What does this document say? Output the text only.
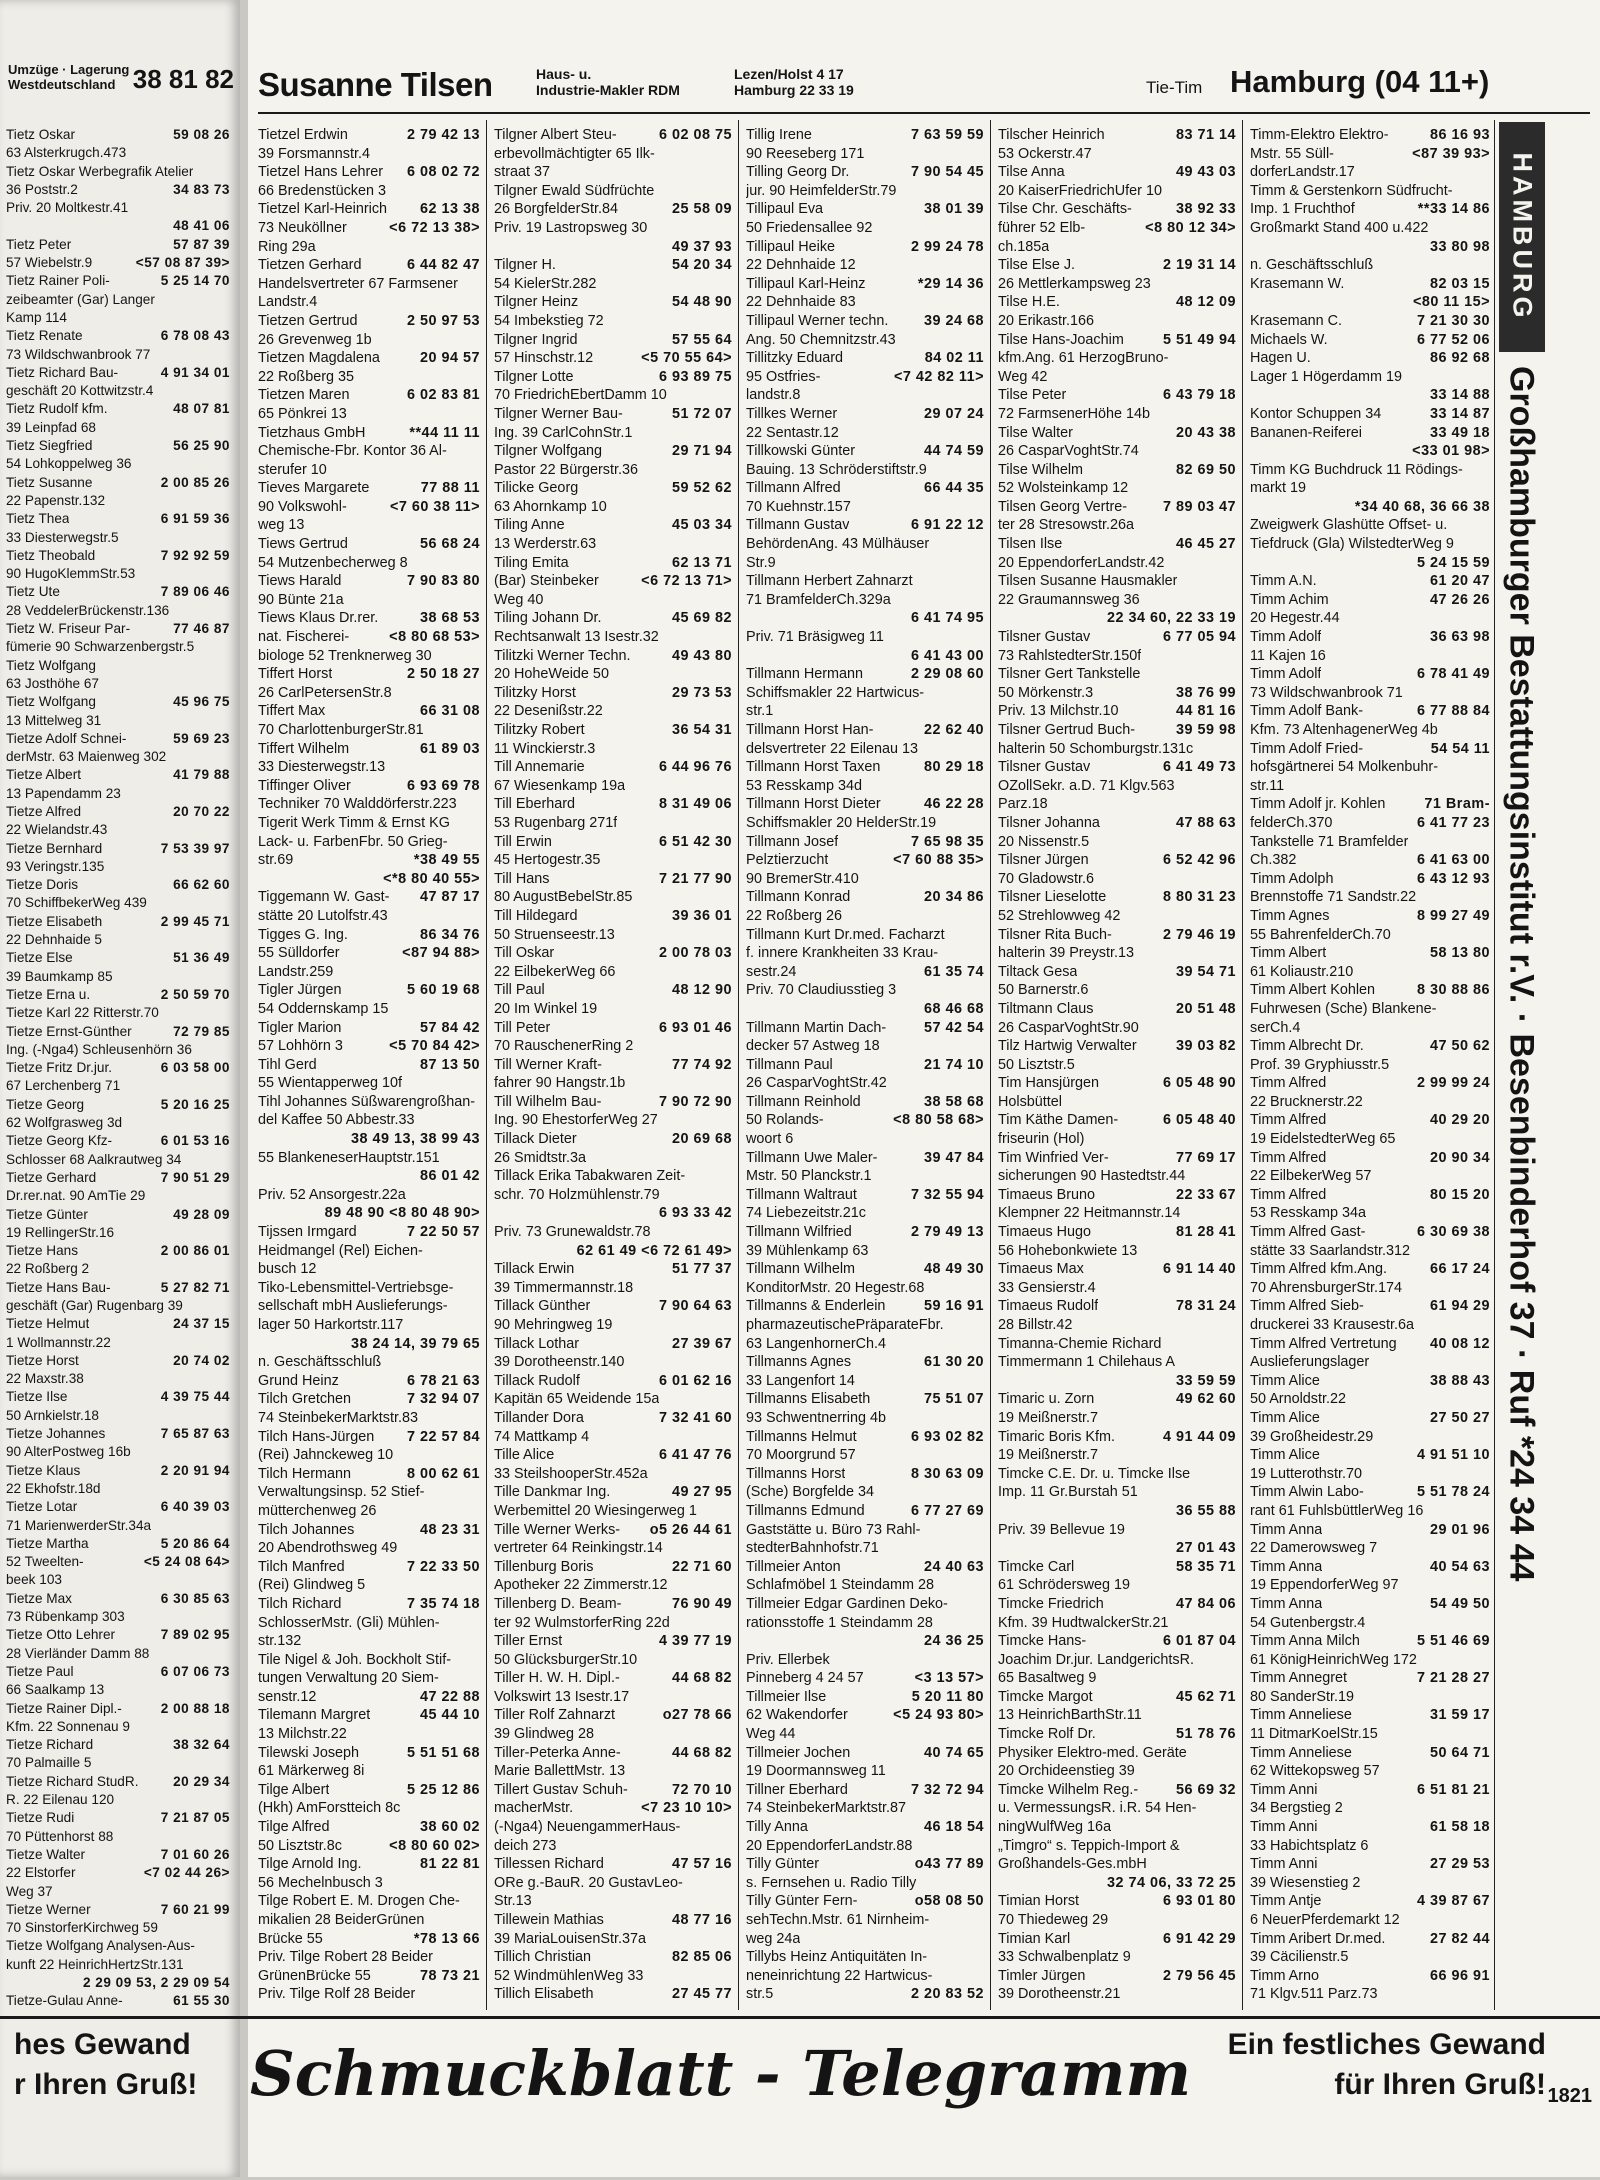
Umzüge · Lagerung
Westdeutschland 38 81 82
Tietz Oskar	59 08 26
63 Alsterkrugch.473
Tietz Oskar Werbegrafik Atelier
36 Poststr.2	34 83 73
Priv. 20 Moltkestr.41
48 41 06
Tietz Peter	57 87 39
57 Wiebelstr.9	<57 08 87 39>
Tietz Rainer Poli-	5 25 14 70
zeibeamter (Gar) Langer
Kamp 114
Tietz Renate	6 78 08 43
73 Wildschwanbrook 77
Tietz Richard Bau-	4 91 34 01
geschäft 20 Kottwitzstr.4
Tietz Rudolf kfm.	48 07 81
39 Leinpfad 68
Tietz Siegfried	56 25 90
54 Lohkoppelweg 36
Tietz Susanne	2 00 85 26
22 Papenstr.132
Tietz Thea	6 91 59 36
33 Diesterwegstr.5
Tietz Theobald	7 92 92 59
90 HugoKlemmStr.53
Tietz Ute	7 89 06 46
28 VeddelerBrückenstr.136
Tietz W. Friseur Par-	77 46 87
fümerie 90 Schwarzenbergstr.5
Tietz Wolfgang
63 Josthöhe 67
Tietz Wolfgang	45 96 75
13 Mittelweg 31
Tietze Adolf Schnei-	59 69 23
derMstr. 63 Maienweg 302
Tietze Albert	41 79 88
13 Papendamm 23
Tietze Alfred	20 70 22
22 Wielandstr.43
Tietze Bernhard	7 53 39 97
93 Veringstr.135
Tietze Doris	66 62 60
70 SchiffbekerWeg 439
Tietze Elisabeth	2 99 45 71
22 Dehnhaide 5
Tietze Else	51 36 49
39 Baumkamp 85
Tietze Erna u.	2 50 59 70
Tietze Karl 22 Ritterstr.70
Tietze Ernst-Günther	72 79 85
Ing. (-Nga4) Schleusenhörn 36
Tietze Fritz Dr.jur.	6 03 58 00
67 Lerchenberg 71
Tietze Georg	5 20 16 25
62 Wolfgrasweg 3d
Tietze Georg Kfz-	6 01 53 16
Schlosser 68 Aalkrautweg 34
Tietze Gerhard	7 90 51 29
Dr.rer.nat. 90 AmTie 29
Tietze Günter	49 28 09
19 RellingerStr.16
Tietze Hans	2 00 86 01
22 Roßberg 2
Tietze Hans Bau-	5 27 82 71
geschäft (Gar) Rugenbarg 39
Tietze Helmut	24 37 15
1 Wollmannstr.22
Tietze Horst	20 74 02
22 Maxstr.38
Tietze Ilse	4 39 75 44
50 Arnkielstr.18
Tietze Johannes	7 65 87 63
90 AlterPostweg 16b
Tietze Klaus	2 20 91 94
22 Ekhofstr.18d
Tietze Lotar	6 40 39 03
71 MarienwerderStr.34a
Tietze Martha	5 20 86 64
52 Tweelten-	<5 24 08 64>
beek 103
Tietze Max	6 30 85 63
73 Rübenkamp 303
Tietze Otto Lehrer	7 89 02 95
28 Vierländer Damm 88
Tietze Paul	6 07 06 73
66 Saalkamp 13
Tietze Rainer Dipl.-	2 00 88 18
Kfm. 22 Sonnenau 9
Tietze Richard	38 32 64
70 Palmaille 5
Tietze Richard StudR.	20 29 34
R. 22 Eilenau 120
Tietze Rudi	7 21 87 05
70 Püttenhorst 88
Tietze Walter	7 01 60 26
22 Elstorfer	<7 02 44 26>
Weg 37
Tietze Werner	7 60 21 99
70 SinstorferKirchweg 59
Tietze Wolfgang Analysen-Aus-
kunft 22 HeinrichHertzStr.131
2 29 09 53, 2 29 09 54
Tietze-Gulau Anne-	61 55 30
Susanne Tilsen	Haus- u.
Industrie-Makler RDM
Lezen/Holst 4 17
Hamburg 22 33 19	Tie-Tim Hamburg (04 11+)
Tietzel Erdwin	2 79 42 13
39 Forsmannstr.4
Tietzel Hans Lehrer 6 08 02 72
66 Bredenstücken 3
Tietzel Karl-Heinrich 62 13 38
73 Neuköllner	<6 72 13 38>
Ring 29a
Tietzen Gerhard	6 44 82 47
Handelsvertreter 67 Farmsener
Landstr.4
Tietzen Gertrud	2 50 97 53
26 Grevenweg 1b
Tietzen Magdalena	20 94 57
22 Roßberg 35
Tietzen Maren	6 02 83 81
65 Pönkrei 13
Tietzhaus GmbH	**44 11 11
Chemische-Fbr. Kontor 36 Al-
sterufer 10
Tieves Margarete	77 88 11
90 Volkswohl-	<7 60 38 11>
weg 13
Tiews Gertrud	56 68 24
54 Mutzenbecherweg 8
Tiews Harald	7 90 83 80
90 Bünte 21a
Tiews Klaus Dr.rer.	38 68 53
nat. Fischerei-	<8 80 68 53>
biologe 52 Trenknerweg 30
Tiffert Horst	2 50 18 27
26 CarlPetersenStr.8
Tiffert Max	66 31 08
70 CharlottenburgerStr.81
Tiffert Wilhelm	61 89 03
33 Diesterwegstr.13
Tiffinger Oliver	6 93 69 78
Techniker 70 Walddörferstr.223
Tigerit Werk Timm & Ernst KG
Lack- u. FarbenFbr. 50 Grieg-
str.69	*38 49 55
<*8 80 40 55>
Tiggemann W. Gast- 47 87 17
stätte 20 Lutolfstr.43
Tigges G. Ing.	86 34 76
55 Sülldorfer	<87 94 88>
Landstr.259
Tigler Jürgen	5 60 19 68
54 Oddernskamp 15
Tigler Marion	57 84 42
57 Lohhörn 3	<5 70 84 42>
Tihl Gerd	87 13 50
55 Wientapperweg 10f
Tihl Johannes Süßwarengroßhan-
del Kaffee 50 Abbestr.33
38 49 13, 38 99 43
55 BlankeneserHauptstr.151
86 01 42
Priv. 52 Ansorgestr.22a
89 48 90 <8 80 48 90>
Tijssen Irmgard	7 22 50 57
Heidmangel (Rel) Eichen-
busch 12
Tiko-Lebensmittel-Vertriebsge-
sellschaft mbH Auslieferungs-
lager 50 Harkortstr.117
38 24 14, 39 79 65
n. Geschäftsschluß
Grund Heinz	6 78 21 63
Tilch Gretchen	7 32 94 07
74 SteinbekerMarktstr.83
Tilch Hans-Jürgen 7 22 57 84
(Rei) Jahnckeweg 10
Tilch Hermann	8 00 62 61
Verwaltungsinsp. 52 Stief-
mütterchenweg 26
Tilch Johannes	48 23 31
20 Abendrothsweg 49
Tilch Manfred	7 22 33 50
(Rei) Glindweg 5
Tilch Richard	7 35 74 18
SchlosserMstr. (Gli) Mühlen-
str.132
Tile Nigel & Joh. Bockholt Stif-
tungen Verwaltung 20 Siem-
senstr.12	47 22 88
Tilemann Margret	45 44 10
13 Milchstr.22
Tilewski Joseph	5 51 51 68
61 Märkerweg 8i
Tilge Albert	5 25 12 86
(Hkh) AmForstteich 8c
Tilge Alfred	38 60 02
50 Lisztstr.8c	<8 80 60 02>
Tilge Arnold Ing.	81 22 81
56 Mechelnbusch 3
Tilge Robert E. M. Drogen Che-
mikalien 28 BeiderGrünen
Brücke 55	*78 13 66
Priv. Tilge Robert 28 Beider
GrünenBrücke 55	78 73 21
Priv. Tilge Rolf 28 Beider
Tilgner Albert Steu-	6 02 08 75
erbevollmächtigter 65 Ilk-
straat 37
Tilgner Ewald Südfrüchte
26 BorgfelderStr.84	25 58 09
Priv. 19 Lastropsweg 30
49 37 93
Tilgner H.	54 20 34
54 KielerStr.282
Tilgner Heinz	54 48 90
54 Imbekstieg 72
Tilgner Ingrid	57 55 64
57 Hinschstr.12	<5 70 55 64>
Tilgner Lotte	6 93 89 75
70 FriedrichEbertDamm 10
Tilgner Werner Bau-	51 72 07
Ing. 39 CarlCohnStr.1
Tilgner Wolfgang	29 71 94
Pastor 22 Bürgerstr.36
Tilicke Georg	59 52 62
63 Ahornkamp 10
Tiling Anne	45 03 34
13 Werderstr.63
Tiling Emita	62 13 71
(Bar) Steinbeker	<6 72 13 71>
Weg 40
Tiling Johann Dr.	45 69 82
Rechtsanwalt 13 Isestr.32
Tilitzki Werner Techn.	49 43 80
20 HoheWeide 50
Tilitzky Horst	29 73 53
22 Desenißstr.22
Tilitzky Robert	36 54 31
11 Winckierstr.3
Till Annemarie	6 44 96 76
67 Wiesenkamp 19a
Till Eberhard	8 31 49 06
53 Rugenbarg 271f
Till Erwin	6 51 42 30
45 Hertogestr.35
Till Hans	7 21 77 90
80 AugustBebelStr.85
Till Hildegard	39 36 01
50 Struenseestr.13
Till Oskar	2 00 78 03
22 EilbekerWeg 66
Till Paul	48 12 90
20 Im Winkel 19
Till Peter	6 93 01 46
70 RauschenerRing 2
Till Werner Kraft-	77 74 92
fahrer 90 Hangstr.1b
Till Wilhelm Bau-	7 90 72 90
Ing. 90 EhestorferWeg 27
Tillack Dieter	20 69 68
26 Smidtstr.3a
Tillack Erika Tabakwaren Zeit-
schr. 70 Holzmühlenstr.79
6 93 33 42
Priv. 73 Grunewaldstr.78
62 61 49 <6 72 61 49>
Tillack Erwin	51 77 37
39 Timmermannstr.18
Tillack Günther	7 90 64 63
90 Mehringweg 19
Tillack Lothar	27 39 67
39 Dorotheenstr.140
Tillack Rudolf	6 01 62 16
Kapitän 65 Weidende 15a
Tillander Dora	7 32 41 60
74 Mattkamp 4
Tille Alice	6 41 47 76
33 SteilshooperStr.452a
Tille Dankmar Ing.	49 27 95
Werbemittel 20 Wiesingerweg 1
Tille Werner Werks- o5 26 44 61
vertreter 64 Reinkingstr.14
Tillenburg Boris	22 71 60
Apotheker 22 Zimmerstr.12
Tillenberg D. Beam-	76 90 49
ter 92 WulmstorferRing 22d
Tiller Ernst	4 39 77 19
50 GlücksburgerStr.10
Tiller H. W. H. Dipl.-	44 68 82
Volkswirt 13 Isestr.17
Tiller Rolf Zahnarzt	o27 78 66
39 Glindweg 28
Tiller-Peterka Anne-	44 68 82
Marie BallettMstr. 13
Tillert Gustav Schuh-	72 70 10
macherMstr.	<7 23 10 10>
(-Nga4) NeuengammerHaus-
deich 273
Tillessen Richard	47 57 16
ORe g.-BauR. 20 GustavLeo-
Str.13
Tillewein Mathias	48 77 16
39 MariaLouisenStr.37a
Tillich Christian	82 85 06
52 WindmühlenWeg 33
Tillich Elisabeth	27 45 77
Tillig Irene	7 63 59 59
90 Reeseberg 171
Tilling Georg Dr.	7 90 54 45
jur. 90 HeimfelderStr.79
Tillipaul Eva	38 01 39
50 Friedensallee 92
Tillipaul Heike	2 99 24 78
22 Dehnhaide 12
Tillipaul Karl-Heinz	*29 14 36
22 Dehnhaide 83
Tillipaul Werner techn. 39 24 68
Ang. 50 Chemnitzstr.43
Tillitzky Eduard	84 02 11
95 Ostfries-	<7 42 82 11>
landstr.8
Tillkes Werner	29 07 24
22 Sentastr.12
Tillkowski Günter	44 74 59
Bauing. 13 Schröderstiftstr.9
Tillmann Alfred	66 44 35
70 Kuehnstr.157
Tillmann Gustav	6 91 22 12
BehördenAng. 43 Mülhäuser
Str.9
Tillmann Herbert Zahnarzt
71 BramfelderCh.329a
6 41 74 95
Priv. 71 Bräsigweg 11
6 41 43 00
Tillmann Hermann	2 29 08 60
Schiffsmakler 22 Hartwicus-
str.1
Tillmann Horst Han-	22 62 40
delsvertreter 22 Eilenau 13
Tillmann Horst Taxen	80 29 18
53 Resskamp 34d
Tillmann Horst Dieter	46 22 28
Schiffsmakler 20 HelderStr.19
Tillmann Josef	7 65 98 35
Pelztierzucht	<7 60 88 35>
90 BremerStr.410
Tillmann Konrad	20 34 86
22 Roßberg 26
Tillmann Kurt Dr.med. Facharzt
f. innere Krankheiten 33 Krau-
sestr.24	61 35 74
Priv. 70 Claudiusstieg 3
68 46 68
Tillmann Martin Dach-	57 42 54
decker 57 Astweg 18
Tillmann Paul	21 74 10
26 CasparVoghtStr.42
Tillmann Reinhold	38 58 68
50 Rolands-	<8 80 58 68>
woort 6
Tillmann Uwe Maler-	39 47 84
Mstr. 50 Planckstr.1
Tillmann Waltraut	7 32 55 94
74 Liebezeitstr.21c
Tillmann Wilfried	2 79 49 13
39 Mühlenkamp 63
Tillmann Wilhelm	48 49 30
KonditorMstr. 20 Hegestr.68
Tillmanns & Enderlein	59 16 91
pharmazeutischePräparateFbr.
63 LangenhornerCh.4
Tillmanns Agnes	61 30 20
33 Langenfort 14
Tillmanns Elisabeth	75 51 07
93 Schwentnerring 4b
Tillmanns Helmut	6 93 02 82
70 Moorgrund 57
Tillmanns Horst	8 30 63 09
(Sche) Borgfelde 34
Tillmanns Edmund	6 77 27 69
Gaststätte u. Büro 73 Rahl-
stedterBahnhofstr.71
Tillmeier Anton	24 40 63
Schlafmöbel 1 Steindamm 28
Tillmeier Edgar Gardinen Deko-
rationsstoffe 1 Steindamm 28
24 36 25
Priv. Ellerbek
Pinneberg 4 24 57	<3 13 57>
Tillmeier Ilse	5 20 11 80
62 Wakendorfer	<5 24 93 80>
Weg 44
Tillmeier Jochen	40 74 65
19 Doormannsweg 11
Tillner Eberhard	7 32 72 94
74 SteinbekerMarktstr.87
Tilly Anna	46 18 54
20 EppendorferLandstr.88
Tilly Günter	o43 77 89
s. Fernsehen u. Radio Tilly
Tilly Günter Fern-	o58 08 50
sehTechn.Mstr. 61 Nirnheim-
weg 24a
Tillybs Heinz Antiquitäten In-
neneinrichtung 22 Hartwicus-
str.5	2 20 83 52
Tilscher Heinrich	83 71 14
53 Ockerstr.47
Tilse Anna	49 43 03
20 KaiserFriedrichUfer 10
Tilse Chr. Geschäfts-	38 92 33
führer 52 Elb-	<8 80 12 34>
ch.185a
Tilse Else J.	2 19 31 14
26 Mettlerkampsweg 23
Tilse H.E.	48 12 09
20 Erikastr.166
Tilse Hans-Joachim	5 51 49 94
kfm.Ang. 61 HerzogBruno-
Weg 42
Tilse Peter	6 43 79 18
72 FarmsenerHöhe 14b
Tilse Walter	20 43 38
26 CasparVoghtStr.74
Tilse Wilhelm	82 69 50
52 Wolsteinkamp 12
Tilsen Georg Vertre- 7 89 03 47
ter 28 Stresowstr.26a
Tilsen Ilse	46 45 27
20 EppendorferLandstr.42
Tilsen Susanne Hausmakler
22 Graumannsweg 36
22 34 60, 22 33 19
Tilsner Gustav	6 77 05 94
73 RahlstedterStr.150f
Tilsner Gert Tankstelle
50 Mörkenstr.3	38 76 99
Priv. 13 Milchstr.10	44 81 16
Tilsner Gertrud Buch-	39 59 98
halterin 50 Schomburgstr.131c
Tilsner Gustav	6 41 49 73
OZollSekr. a.D. 71 Klgv.563
Parz.18
Tilsner Johanna	47 88 63
20 Nissenstr.5
Tilsner Jürgen	6 52 42 96
70 Gladowstr.6
Tilsner Lieselotte	8 80 31 23
52 Strehlowweg 42
Tilsner Rita Buch-	2 79 46 19
halterin 39 Preystr.13
Tiltack Gesa	39 54 71
50 Barnerstr.6
Tiltmann Claus	20 51 48
26 CasparVoghtStr.90
Tilz Hartwig Verwalter	39 03 82
50 Lisztstr.5
Tim Hansjürgen	6 05 48 90
Holsbüttel
Tim Käthe Damen-	6 05 48 40
friseurin (Hol)
Tim Winfried Ver-	77 69 17
sicherungen 90 Hastedtstr.44
Timaeus Bruno	22 33 67
Klempner 22 Heitmannstr.14
Timaeus Hugo	81 28 41
56 Hohebonkwiete 13
Timaeus Max	6 91 14 40
33 Gensierstr.4
Timaeus Rudolf	78 31 24
28 Billstr.42
Timanna-Chemie Richard
Timmermann 1 Chilehaus A
33 59 59
Timaric u. Zorn	49 62 60
19 Meißnerstr.7
Timaric Boris Kfm.	4 91 44 09
19 Meißnerstr.7
Timcke C.E. Dr. u. Timcke Ilse
Imp. 11 Gr.Burstah 51
36 55 88
Priv. 39 Bellevue 19
27 01 43
Timcke Carl	58 35 71
61 Schrödersweg 19
Timcke Friedrich	47 84 06
Kfm. 39 HudtwalckerStr.21
Timcke Hans-	6 01 87 04
Joachim Dr.jur. LandgerichtsR.
65 Basaltweg 9
Timcke Margot	45 62 71
13 HeinrichBarthStr.11
Timcke Rolf Dr.	51 78 76
Physiker Elektro-med. Geräte
20 Orchideenstieg 39
Timcke Wilhelm Reg.-	56 69 32
u. VermessungsR. i.R. 54 Hen-
ningWulfWeg 16a
„Timgro“ s. Teppich-Import &
Großhandels-Ges.mbH
32 74 06, 33 72 25
Timian Horst	6 93 01 80
70 Thiedeweg 29
Timian Karl	6 91 42 29
33 Schwalbenplatz 9
Timler Jürgen	2 79 56 45
39 Dorotheenstr.21
Timm-Elektro Elektro-	86 16 93
Mstr. 55 Süll-	<87 39 93>
dorferLandstr.17
Timm & Gerstenkorn Südfrucht-
Imp. 1 Fruchthof	**33 14 86
Großmarkt Stand 400 u.422
33 80 98
n. Geschäftsschluß
Krasemann W.	82 03 15
<80 11 15>
Krasemann C.	7 21 30 30
Michaels W.	6 77 52 06
Hagen U.	86 92 68
Lager 1 Högerdamm 19
33 14 88
Kontor Schuppen 34	33 14 87
Bananen-Reiferei	33 49 18
<33 01 98>
Timm KG Buchdruck 11 Rödings-
markt 19
*34 40 68, 36 66 38
Zweigwerk Glashütte Offset- u.
Tiefdruck (Gla) WilstedterWeg 9
5 24 15 59
Timm A.N.	61 20 47
Timm Achim	47 26 26
20 Hegestr.44
Timm Adolf	36 63 98
11 Kajen 16
Timm Adolf	6 78 41 49
73 Wildschwanbrook 71
Timm Adolf Bank-	6 77 88 84
Kfm. 73 AltenhagenerWeg 4b
Timm Adolf Fried-	54 54 11
hofsgärtnerei 54 Molkenbuhr-
str.11
Timm Adolf jr. Kohlen	71 Bram-
felderCh.370	6 41 77 23
Tankstelle 71 Bramfelder
Ch.382	6 41 63 00
Timm Adolph	6 43 12 93
Brennstoffe 71 Sandstr.22
Timm Agnes	8 99 27 49
55 BahrenfelderCh.70
Timm Albert	58 13 80
61 Koliaustr.210
Timm Albert Kohlen	8 30 88 86
Fuhrwesen (Sche) Blankene-
serCh.4
Timm Albrecht Dr.	47 50 62
Prof. 39 Gryphiusstr.5
Timm Alfred	2 99 99 24
22 Brucknerstr.22
Timm Alfred	40 29 20
19 EidelstedterWeg 65
Timm Alfred	20 90 34
22 EilbekerWeg 57
Timm Alfred	80 15 20
53 Resskamp 34a
Timm Alfred Gast-	6 30 69 38
stätte 33 Saarlandstr.312
Timm Alfred kfm.Ang.	66 17 24
70 AhrensburgerStr.174
Timm Alfred Sieb-	61 94 29
druckerei 33 Krausestr.6a
Timm Alfred Vertretung 40 08 12
Auslieferungslager
Timm Alice	38 88 43
50 Arnoldstr.22
Timm Alice	27 50 27
39 Großheidestr.29
Timm Alice	4 91 51 10
19 Lutterothstr.70
Timm Alwin Labo-	5 51 78 24
rant 61 FuhlsbüttlerWeg 16
Timm Anna	29 01 96
22 Damerowsweg 7
Timm Anna	40 54 63
19 EppendorferWeg 97
Timm Anna	54 49 50
54 Gutenbergstr.4
Timm Anna Milch	5 51 46 69
61 KönigHeinrichWeg 172
Timm Annegret	7 21 28 27
80 SanderStr.19
Timm Anneliese	31 59 17
11 DitmarKoelStr.15
Timm Anneliese	50 64 71
62 Wittekopsweg 57
Timm Anni	6 51 81 21
34 Bergstieg 2
Timm Anni	61 58 18
33 Habichtsplatz 6
Timm Anni	27 29 53
39 Wiesenstieg 2
Timm Antje	4 39 87 67
6 NeuerPferdemarkt 12
Timm Aribert Dr.med.	27 82 44
39 Cäcilienstr.5
Timm Arno	66 96 91
71 Klgv.511 Parz.73
HAMBURG
Großhamburger Bestattungsinstitut r.V. · Besenbinderhof 37 · Ruf *24 34 44
hes Gewand
r Ihren Gruß! Schmuckblatt - Telegramm Ein festliches Gewand
für Ihren Gruß! 1821
